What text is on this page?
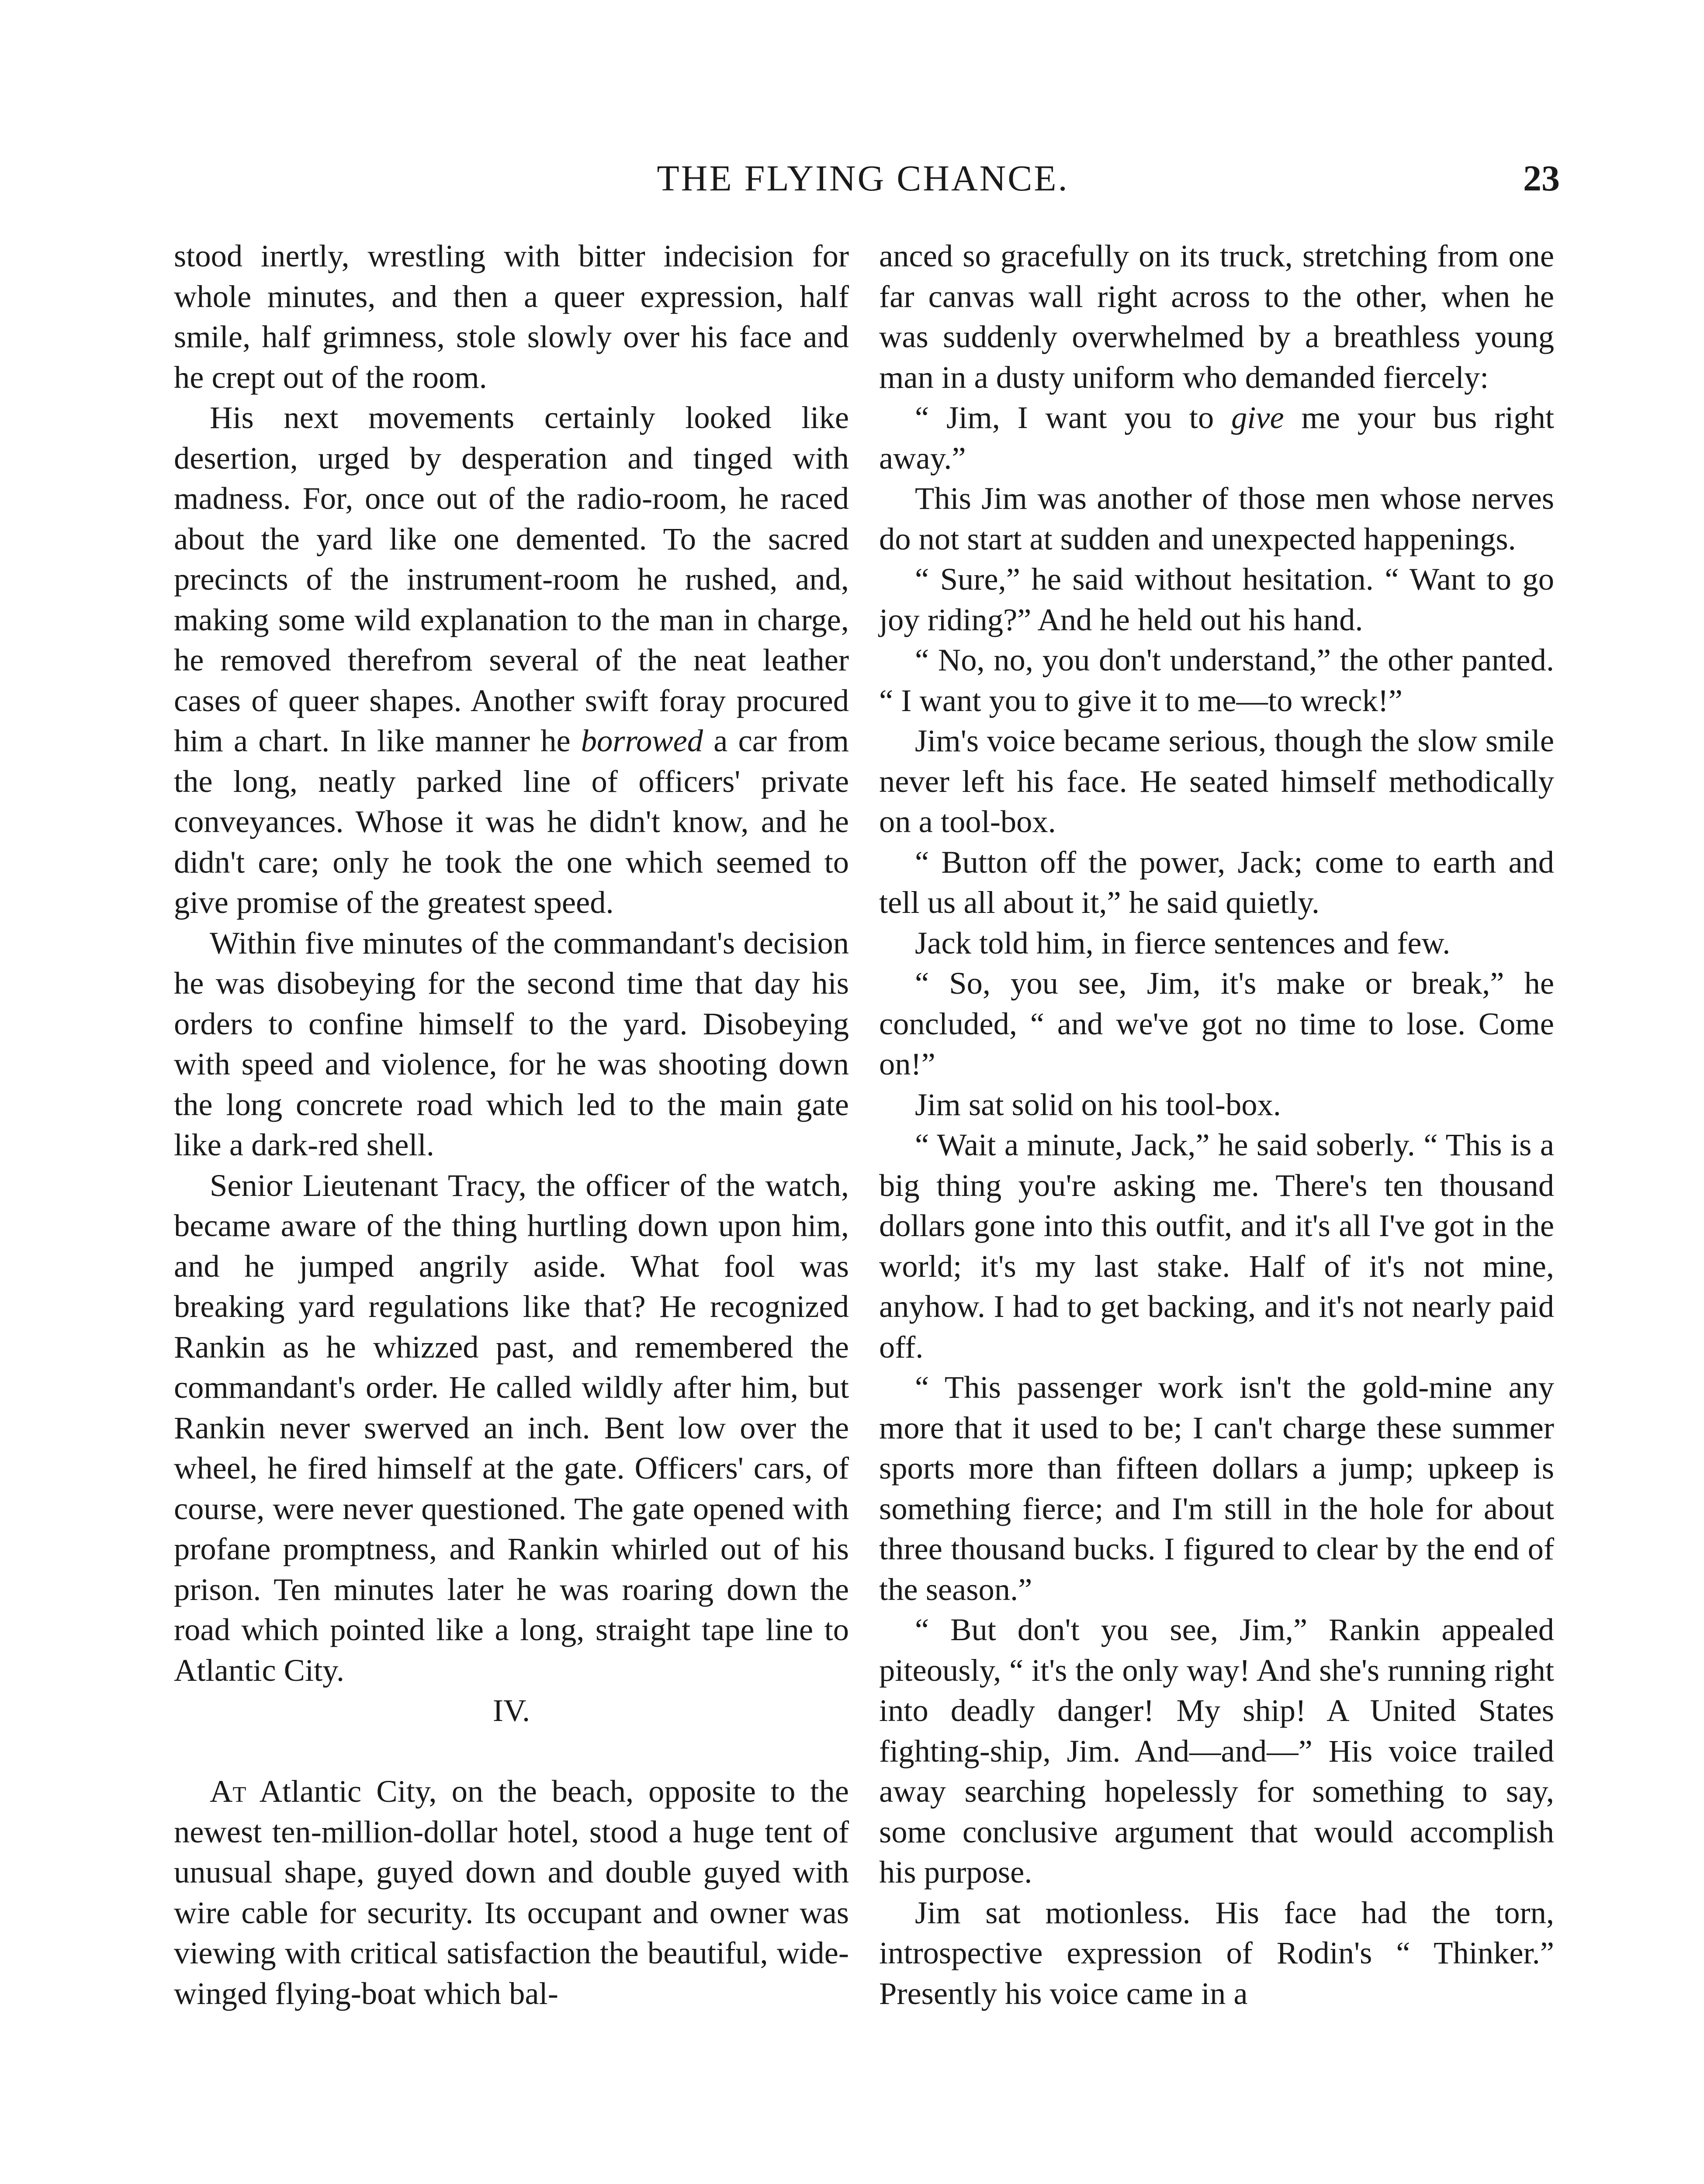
THE FLYING CHANCE.	23

stood inertly, wrestling with bitter indecision for whole minutes, and then a queer expression, half smile, half grimness, stole slowly over his face and he crept out of the room.

His next movements certainly looked like desertion, urged by desperation and tinged with madness. For, once out of the radio-room, he raced about the yard like one demented. To the sacred precincts of the instrument-room he rushed, and, making some wild explanation to the man in charge, he removed therefrom several of the neat leather cases of queer shapes. Another swift foray procured him a chart. In like manner he borrowed a car from the long, neatly parked line of officers' private conveyances. Whose it was he didn't know, and he didn't care; only he took the one which seemed to give promise of the greatest speed.

Within five minutes of the commandant's decision he was disobeying for the second time that day his orders to confine himself to the yard. Disobeying with speed and violence, for he was shooting down the long concrete road which led to the main gate like a dark-red shell.

Senior Lieutenant Tracy, the officer of the watch, became aware of the thing hurtling down upon him, and he jumped angrily aside. What fool was breaking yard regulations like that? He recognized Rankin as he whizzed past, and remembered the commandant's order. He called wildly after him, but Rankin never swerved an inch. Bent low over the wheel, he fired himself at the gate. Officers' cars, of course, were never questioned. The gate opened with profane promptness, and Rankin whirled out of his prison. Ten minutes later he was roaring down the road which pointed like a long, straight tape line to Atlantic City.

IV.

At Atlantic City, on the beach, opposite to the newest ten-million-dollar hotel, stood a huge tent of unusual shape, guyed down and double guyed with wire cable for security. Its occupant and owner was viewing with critical satisfaction the beautiful, wide-winged flying-boat which bal-

anced so gracefully on its truck, stretching from one far canvas wall right across to the other, when he was suddenly overwhelmed by a breathless young man in a dusty uniform who demanded fiercely:

“ Jim, I want you to give me your bus right away.”

This Jim was another of those men whose nerves do not start at sudden and unexpected happenings.

“ Sure,” he said without hesitation. “ Want to go joy riding?” And he held out his hand.

“ No, no, you don't understand,” the other panted. “ I want you to give it to me—to wreck!”

Jim's voice became serious, though the slow smile never left his face. He seated himself methodically on a tool-box.

“ Button off the power, Jack; come to earth and tell us all about it,” he said quietly.

Jack told him, in fierce sentences and few.

“ So, you see, Jim, it's make or break,” he concluded, “ and we've got no time to lose. Come on!”

Jim sat solid on his tool-box.

“ Wait a minute, Jack,” he said soberly. “ This is a big thing you're asking me. There's ten thousand dollars gone into this outfit, and it's all I've got in the world; it's my last stake. Half of it's not mine, anyhow. I had to get backing, and it's not nearly paid off.

“ This passenger work isn't the gold-mine any more that it used to be; I can't charge these summer sports more than fifteen dollars a jump; upkeep is something fierce; and I'm still in the hole for about three thousand bucks. I figured to clear by the end of the season.”

“ But don't you see, Jim,” Rankin appealed piteously, “ it's the only way! And she's running right into deadly danger! My ship! A United States fighting-ship, Jim. And—and—” His voice trailed away searching hopelessly for something to say, some conclusive argument that would accomplish his purpose.

Jim sat motionless. His face had the torn, introspective expression of Rodin's “ Thinker.” Presently his voice came in a
